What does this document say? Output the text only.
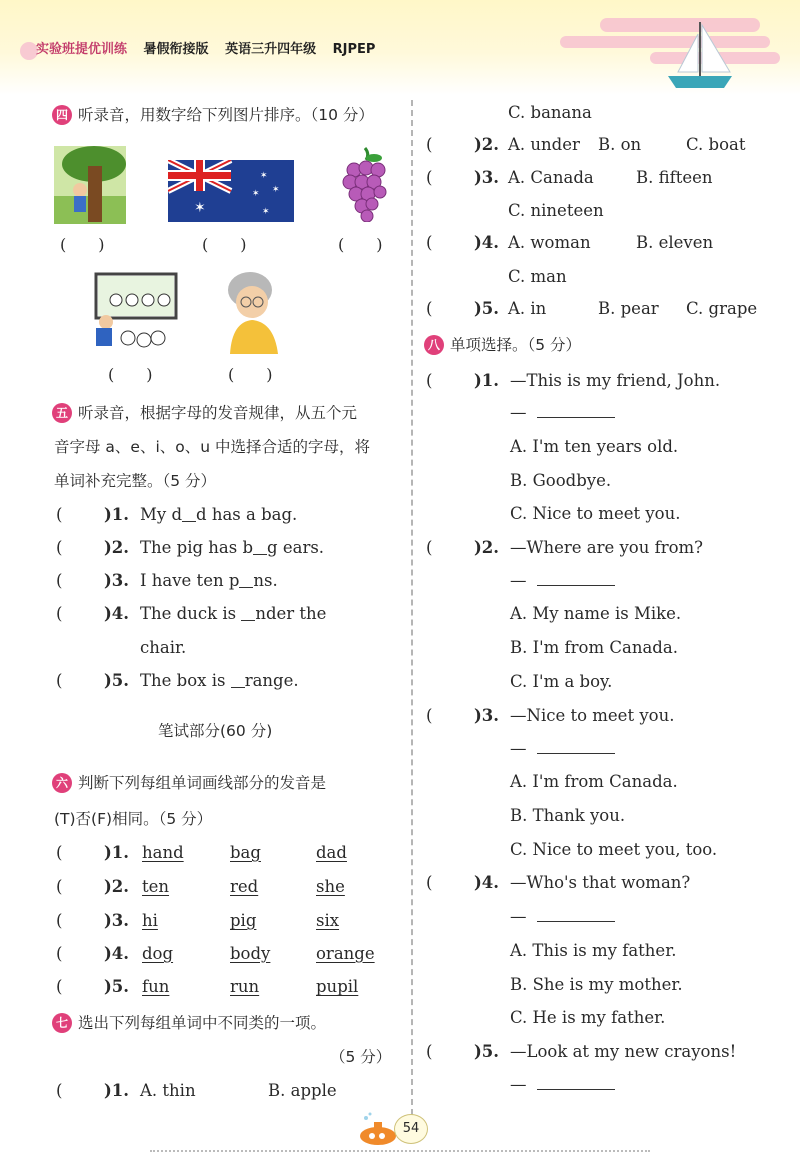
实验班提优训练 暑假衔接版 英语三升四年级 RJPEP
四 听录音，用数字给下列图片排序。（10 分）
✶
✶
✶
✶
✶
(　　)	(　　)	(　　)
(　　)	(　　)
五 听录音，根据字母的发音规律，从五个元
音字母 a、e、i、o、u 中选择合适的字母，将
单词补充完整。（5 分）
(	)1. My d d has a bag.
(	)2. The pig has b g ears.
(	)3. I have ten p ns.
(	)4. The duck is nder the
chair.
(	)5. The box is range.
笔试部分(60 分)
六 判断下列每组单词画线部分的发音是
(T)否(F)相同。（5 分）
(	)1. hand	bag	dad
(	)2. ten	red	she
(	)3. hi	pig	six
(	)4. dog	body	orange
(	)5. fun	run	pupil
七 选出下列每组单词中不同类的一项。
（5 分）
(	)1. A. thin	B. apple
C. banana
(	)2. A. under B. on	C. boat
(	)3. A. Canada	B. fifteen
C. nineteen
(	)4. A. woman	B. eleven
C. man
(	)5. A. in	B. pear C. grape
八 单项选择。（5 分）
(	)1. —This is my friend, John.
—
A. I'm ten years old.
B. Goodbye.
C. Nice to meet you.
(	)2. —Where are you from?
—
A. My name is Mike.
B. I'm from Canada.
C. I'm a boy.
(	)3. —Nice to meet you.
—
A. I'm from Canada.
B. Thank you.
C. Nice to meet you, too.
(	)4. —Who's that woman?
—
A. This is my father.
B. She is my mother.
C. He is my father.
(	)5. —Look at my new crayons!
—
54
